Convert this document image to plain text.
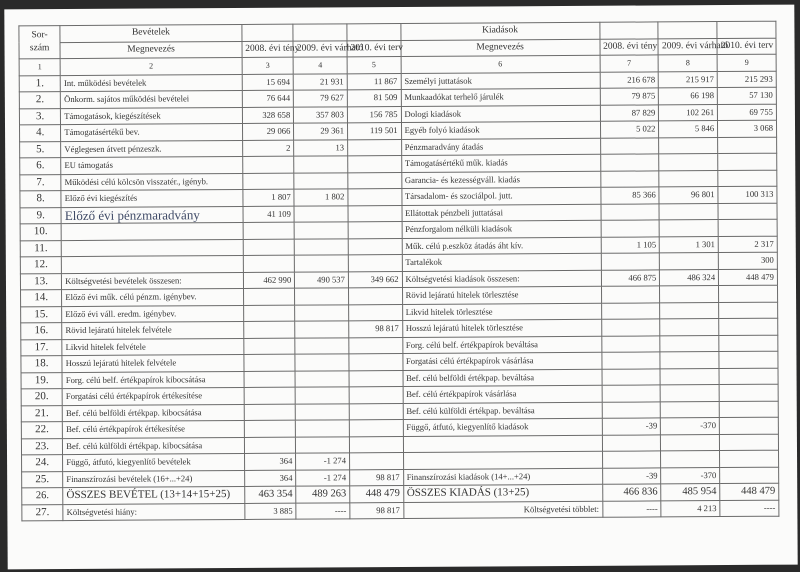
Sor-
szám	Bevételek				Kiadások			
	Megnevezés	2008. évi tény	2009. évi várható	2010. évi terv	Megnevezés	2008. évi tény	2009. évi várható	2010. évi terv
1	2	3	4	5	6	7	8	9
1.	Int. működési bevételek	15 694	21 931	11 867	Személyi juttatások	216 678	215 917	215 293
2.	Önkorm. sajátos működési bevételei	76 644	79 627	81 509	Munkaadókat terhelő járulék	79 875	66 198	57 130
3.	Támogatások, kiegészítések	328 658	357 803	156 785	Dologi kiadások	87 829	102 261	69 755
4.	Támogatásértékű bev.	29 066	29 361	119 501	Egyéb folyó kiadások	5 022	5 846	3 068
5.	Véglegesen átvett pénzeszk.	2	13		Pénzmaradvány átadás			
6.	EU támogatás				Támogatásértékű műk. kiadás			
7.	Működési célú kölcsön visszatér., igényb.				Garancia- és kezességváll. kiadás			
8.	Előző évi kiegészítés	1 807	1 802		Társadalom- és szociálpol. jutt.	85 366	96 801	100 313
9.	Előző évi pénzmaradvány	41 109			Ellátottak pénzbeli juttatásai			
10.					Pénzforgalom nélküli kiadások			
11.					Műk. célú p.eszköz átadás áht kív.	1 105	1 301	2 317
12.					Tartalékok			300
13.	Költségvetési bevételek összesen:	462 990	490 537	349 662	Költségvetési kiadások összesen:	466 875	486 324	448 479
14.	Előző évi műk. célú pénzm. igénybev.				Rövid lejáratú hitelek törlesztése			
15.	Előző évi váll. eredm. igénybev.				Likvid hitelek törlesztése			
16.	Rövid lejáratú hitelek felvétele			98 817	Hosszú lejáratú hitelek törlesztése			
17.	Likvid hitelek felvétele				Forg. célú belf. értékpapírok beváltása			
18.	Hosszú lejáratú hitelek felvétele				Forgatási célú értékpapírok vásárlása			
19.	Forg. célú belf. értékpapírok kibocsátása				Bef. célú belföldi értékpap. beváltása			
20.	Forgatási célú értékpapírok értékesítése				Bef. célú értékpapírok vásárlása			
21.	Bef. célú belföldi értékpap. kibocsátása				Bef. célú külföldi értékpap. beváltása			
22.	Bef. célú értékpapírok értékesítése				Függő, átfutó, kiegyenlítő kiadások	-39	-370	
23.	Bef. célú külföldi értékpap. kibocsátása							
24.	Függő, átfutó, kiegyenlítő bevételek	364	-1 274					
25.	Finanszírozási bevételek (16+...+24)	364	-1 274	98 817	Finanszírozási kiadások (14+...+24)	-39	-370	
26.	ÖSSZES BEVÉTEL (13+14+15+25)	463 354	489 263	448 479	ÖSSZES KIADÁS (13+25)	466 836	485 954	448 479
27.	Költségvetési hiány:	3 885	----	98 817	Költségvetési többlet:	----	4 213	----
